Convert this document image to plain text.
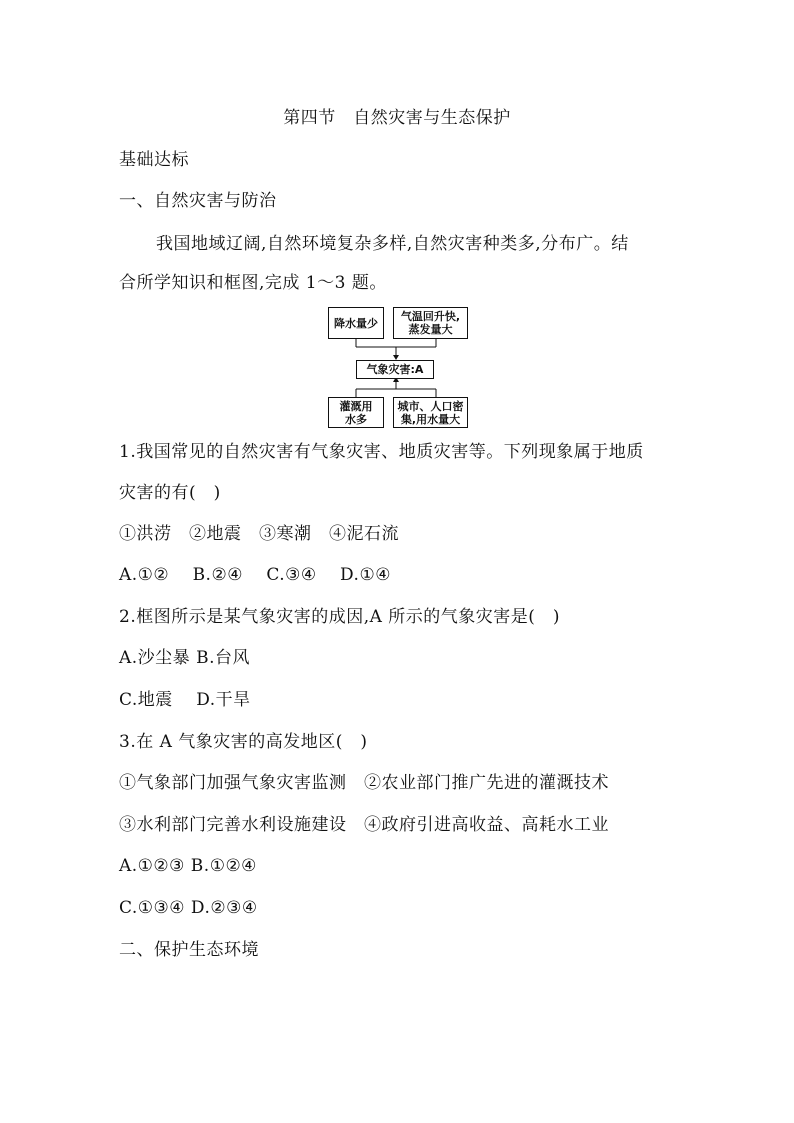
第四节　自然灾害与生态保护
基础达标
一、自然灾害与防治
我国地域辽阔,自然环境复杂多样,自然灾害种类多,分布广。结
合所学知识和框图,完成 1～3 题。
降水量少 气温回升快,
蒸发量大
气象灾害:A
灌溉用
水多
城市、人口密
集,用水量大
1.我国常见的自然灾害有气象灾害、地质灾害等。下列现象属于地质
灾害的有(　)
①洪涝　②地震　③寒潮　④泥石流
A.①②　 B.②④　 C.③④　 D.①④
2.框图所示是某气象灾害的成因,A 所示的气象灾害是(　)
A.沙尘暴 B.台风
C.地震　 D.干旱
3.在 A 气象灾害的高发地区(　)
①气象部门加强气象灾害监测　②农业部门推广先进的灌溉技术
③水利部门完善水利设施建设　④政府引进高收益、高耗水工业
A.①②③ B.①②④
C.①③④ D.②③④
二、保护生态环境
